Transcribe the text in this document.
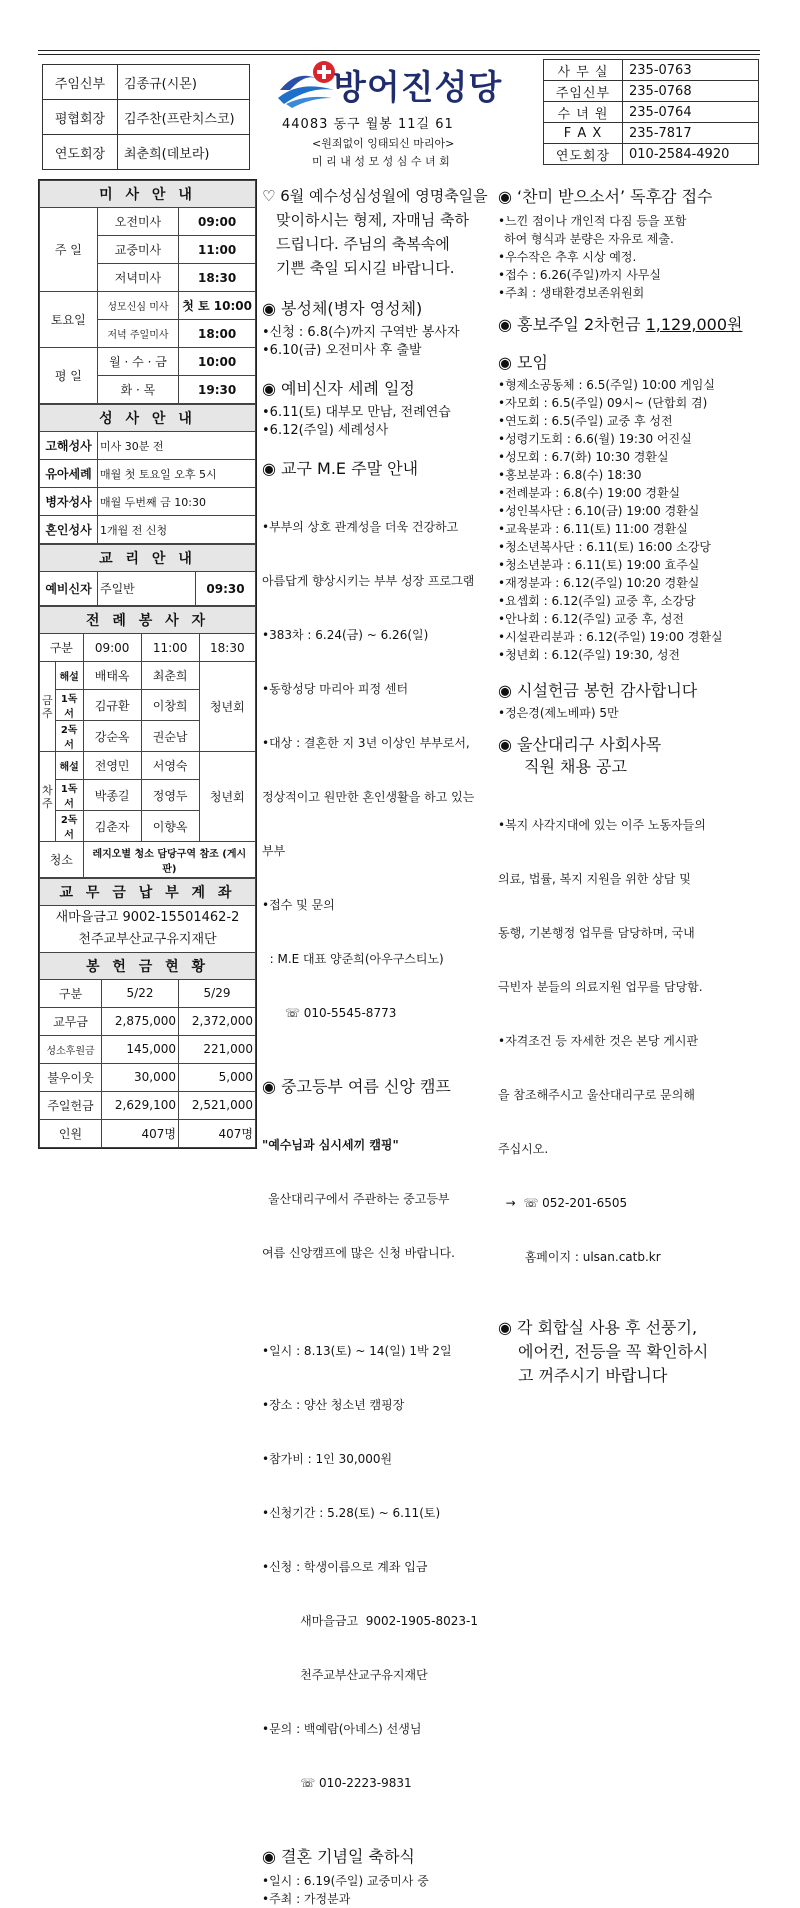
주임신부	김종규(시몬)
평협회장	김주찬(프란치스코)
연도회장	최춘희(데보라)
방어진성당
44083 동구 월봉 11길 61
<원죄없이 잉태되신 마리아>
미 리 내 성 모 성 심 수 녀 회
사 무 실	235-0763
주임신부	235-0768
수 녀 원	235-0764
F A X	235-7817
연도회장	010-2584-4920
미 사 안 내		
주 일	오전미사	09:00
	교중미사	11:00
	저녁미사	18:30
토요일	성모신심 미사	첫 토 10:00
	저녁 주일미사	18:00
평 일	월 · 수 · 금	10:00
	화 · 목	19:30
성 사 안 내	
고해성사	미사 30분 전
유아세례	매월 첫 토요일 오후 5시
병자성사	매월 두번째 금 10:30
혼인성사	1개월 전 신청
교 리 안 내
예비신자	주일반	09:30
전 례 봉 사 자				
구분		09:00	11:00	18:30
금 주	해설	배태옥	최춘희	청년회
	1독서	김규환	이창희	
	2독서	강순옥	권순남	
차 주	해설	전영민	서영숙	청년회
	1독서	박종길	정영두	
	2독서	김춘자	이향옥	
청소		레지오별 청소 담당구역 참조 (게시판)		
교 무 금 납 부 계 좌
새마을금고 9002-15501462-2
천주교부산교구유지재단
봉 헌 금 현 황		
구분	5/22	5/29
교무금	2,875,000	2,372,000
성소후원금	145,000	221,000
불우이웃	30,000	5,000
주일헌금	2,629,100	2,521,000
인원	407명	407명
♡ 6월 예수성심성월에 영명축일을
맞이하시는 형제, 자매님 축하
드립니다. 주님의 축복속에
기쁜 축일 되시길 바랍니다.
◉ 봉성체(병자 영성체)

•신청 : 6.8(수)까지 구역반 봉사자

•6.10(금) 오전미사 후 출발

◉ 예비신자 세례 일정

•6.11(토) 대부모 만남, 전례연습

•6.12(주일) 세례성사

◉ 교구 M.E 주말 안내

•부부의 상호 관계성을 더욱 건강하고

아름답게 향상시키는 부부 성장 프로그램

•383차 : 6.24(금) ~ 6.26(일)

•동항성당 마리아 피정 센터

•대상 : 결혼한 지 3년 이상인 부부로서,

정상적이고 원만한 혼인생활을 하고 있는

부부

•접수 및 문의

: M.E 대표 양준희(아우구스티노)

☏ 010-5545-8773

◉ 중고등부 여름 신앙 캠프

"예수님과 심시세끼 캠핑"

울산대리구에서 주관하는 중고등부

여름 신앙캠프에 많은 신청 바랍니다.

•일시 : 8.13(토) ~ 14(일) 1박 2일

•장소 : 양산 청소년 캠핑장

•참가비 : 1인 30,000원

•신청기간 : 5.28(토) ~ 6.11(토)

•신청 : 학생이름으로 계좌 입금

새마을금고  9002-1905-8023-1

천주교부산교구유지재단

•문의 : 백예람(아녜스) 선생님

☏ 010-2223-9831

◉ 결혼 기념일 축하식

•일시 : 6.19(주일) 교중미사 중

•주최 : 가정분과

◉ ‘찬미 받으소서’ 독후감 접수

•느낀 점이나 개인적 다짐 등을 포함

하여 형식과 분량은 자유로 제출.

•우수작은 추후 시상 예정.

•접수 : 6.26(주일)까지 사무실

•주최 : 생태환경보존위원회

◉ 홍보주일 2차헌금 1,129,000원
◉ 모임

•형제소공동체 : 6.5(주일) 10:00 게임실

•자모회 : 6.5(주일) 09시~ (단합회 겸)

•연도회 : 6.5(주일) 교중 후 성전

•성령기도회 : 6.6(월) 19:30 어진실

•성모회 : 6.7(화) 10:30 경환실

•홍보분과 : 6.8(수) 18:30

•전례분과 : 6.8(수) 19:00 경환실

•성인복사단 : 6.10(금) 19:00 경환실

•교육분과 : 6.11(토) 11:00 경환실

•청소년복사단 : 6.11(토) 16:00 소강당

•청소년분과 : 6.11(토) 19:00 효주실

•재정분과 : 6.12(주일) 10:20 경환실

•요셉회 : 6.12(주일) 교중 후, 소강당

•안나회 : 6.12(주일) 교중 후, 성전

•시설관리분과 : 6.12(주일) 19:00 경환실

•청년회 : 6.12(주일) 19:30, 성전

◉ 시설헌금 봉헌 감사합니다

•정은경(제노베파) 5만

◉ 울산대리구 사회사목
직원 채용 공고

•복지 사각지대에 있는 이주 노동자들의

의료, 법률, 복지 지원을 위한 상담 및

동행, 기본행정 업무를 담당하며, 국내

극빈자 분들의 의료지원 업무를 담당함.

•자격조건 등 자세한 것은 본당 게시판

을 참조해주시고 울산대리구로 문의해

주십시오.

→  ☏ 052-201-6505

홈페이지 : ulsan.catb.kr

◉ 각 회합실 사용 후 선풍기,
에어컨, 전등을 꼭 확인하시
고 꺼주시기 바랍니다
